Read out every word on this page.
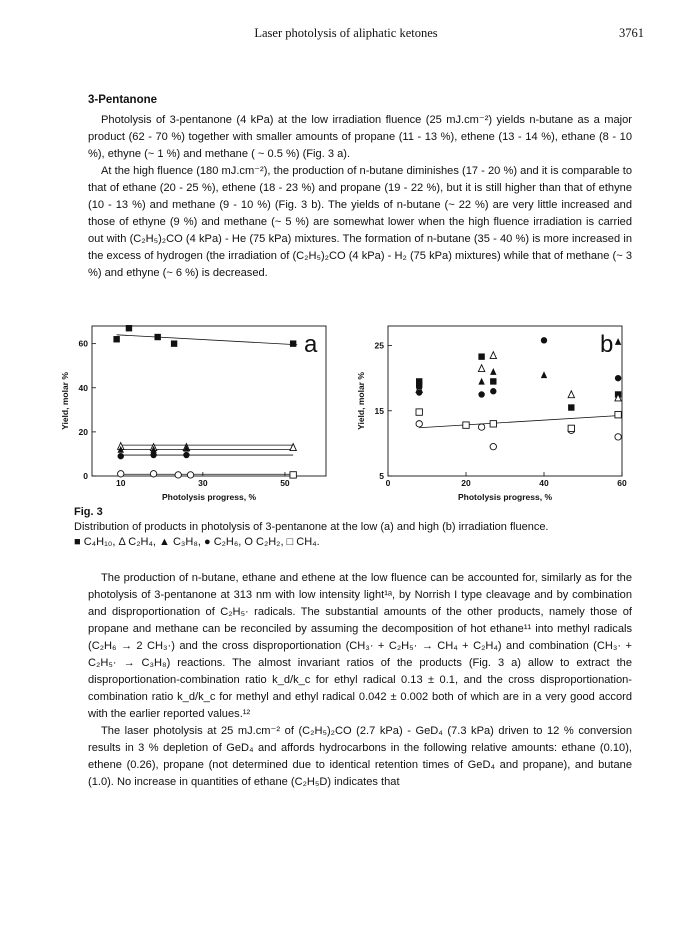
Laser photolysis of aliphatic ketones	3761
3-Pentanone

Photolysis of 3-pentanone (4 kPa) at the low irradiation fluence (25 mJ.cm⁻²) yields n-butane as a major product (62 - 70 %) together with smaller amounts of propane (11 - 13 %), ethene (13 - 14 %), ethane (8 - 10 %), ethyne (~ 1 %) and methane ( ~ 0.5 %) (Fig. 3 a).

At the high fluence (180 mJ.cm⁻²), the production of n-butane diminishes (17 - 20 %) and it is comparable to that of ethane (20 - 25 %), ethene (18 - 23 %) and propane (19 - 22 %), but it is still higher than that of ethyne (10 - 13 %) and methane (9 - 10 %) (Fig. 3 b). The yields of n-butane (~ 22 %) are very little increased and those of ethyne (9 %) and methane (~ 5 %) are somewhat lower when the high fluence irradiation is carried out with (C₂H₅)₂CO (4 kPa) - He (75 kPa) mixtures. The formation of n-butane (35 - 40 %) is more increased in the excess of hydrogen (the irradiation of (C₂H₅)₂CO (4 kPa) - H₂ (75 kPa) mixtures) while that of methane (~ 3 %) and ethyne (~ 6 %) is decreased.

10	30	50
0
20
40
60
Photolysis progress, %
Yield, molar %
a
0	20	40	60
5
15
25
Photolysis progress, %
Yield, molar %
b
Fig. 3
Distribution of products in photolysis of 3-pentanone at the low (a) and high (b) irradiation fluence.
■ C₄H₁₀, Δ C₂H₄, ▲ C₃H₈, ● C₂H₆, O C₂H₂, □ CH₄.

The production of n-butane, ethane and ethene at the low fluence can be accounted for, similarly as for the photolysis of 3-pentanone at 313 nm with low intensity light¹ᵃ, by Norrish I type cleavage and by combination and disproportionation of C₂H₅· radicals. The substantial amounts of the other products, namely those of propane and methane can be reconciled by assuming the decomposition of hot ethane¹¹ into methyl radicals (C₂H₆ → 2 CH₃·) and the cross disproportionation (CH₃· + C₂H₅· → CH₄ + C₂H₄) and combination (CH₃· + C₂H₅· → C₃H₈) reactions. The almost invariant ratios of the products (Fig. 3 a) allow to extract the disproportionation-combination ratio k_d/k_c for ethyl radical 0.13 ± 0.1, and the cross disproportionation-combination ratio k_d/k_c for methyl and ethyl radical 0.042 ± 0.002 both of which are in a very good accord with the earlier reported values.¹²

The laser photolysis at 25 mJ.cm⁻² of (C₂H₅)₂CO (2.7 kPa) - GeD₄ (7.3 kPa) driven to 12 % conversion results in 3 % depletion of GeD₄ and affords hydrocarbons in the following relative amounts: ethane (0.10), ethene (0.26), propane (not determined due to identical retention times of GeD₄ and propane), and butane (1.0). No increase in quantities of ethane (C₂H₅D) indicates that
